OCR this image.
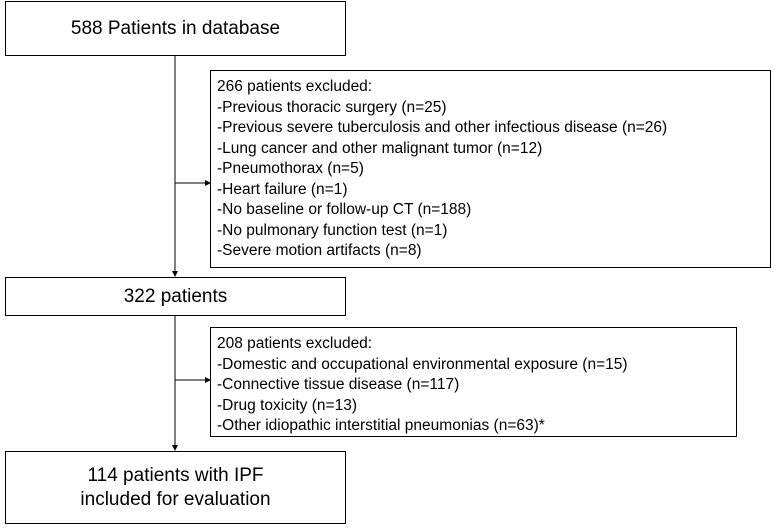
588 Patients in database
266 patients excluded:
-Previous thoracic surgery (n=25)
-Previous severe tuberculosis and other infectious disease (n=26)
-Lung cancer and other malignant tumor (n=12)
-Pneumothorax (n=5)
-Heart failure (n=1)
-No baseline or follow-up CT (n=188)
-No pulmonary function test (n=1)
-Severe motion artifacts (n=8)
322 patients
208 patients excluded:
-Domestic and occupational environmental exposure (n=15)
-Connective tissue disease (n=117)
-Drug toxicity (n=13)
-Other idiopathic interstitial pneumonias (n=63)*
114 patients with IPF
included for evaluation
